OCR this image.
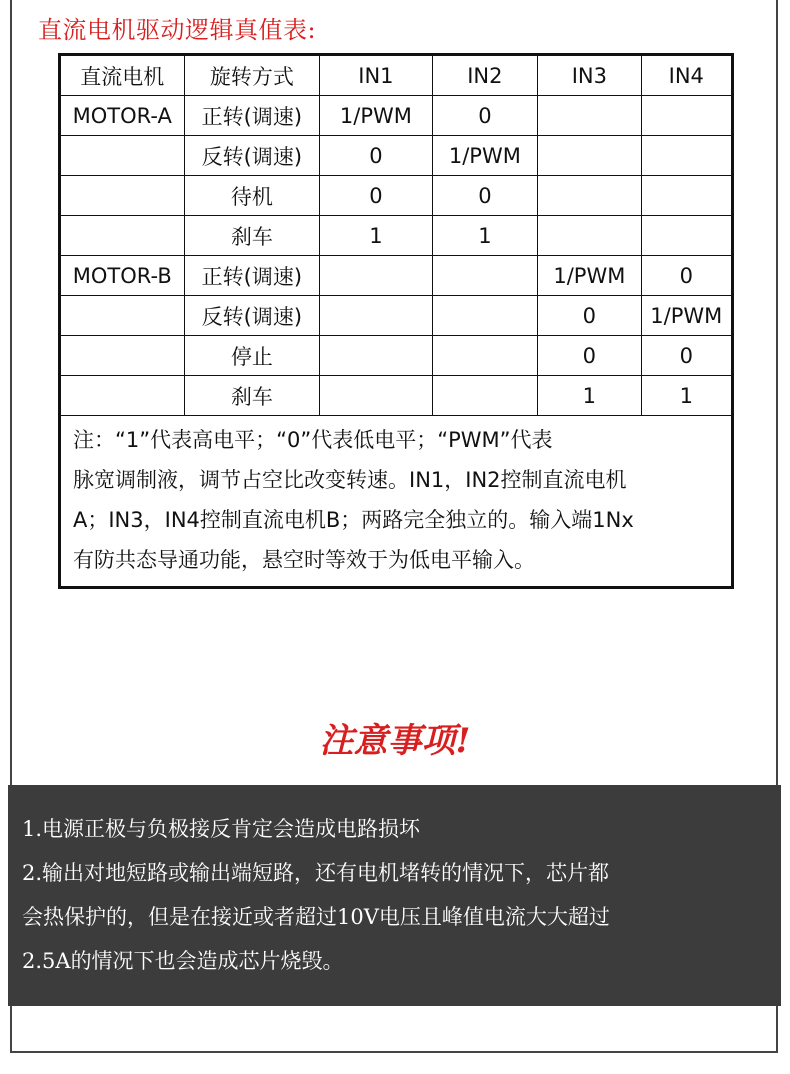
直流电机驱动逻辑真值表:
直流电机	旋转方式	IN1	IN2	IN3	IN4
MOTOR-A	正转(调速)	1/PWM	0		
	反转(调速)	0	1/PWM		
	待机	0	0		
	刹车	1	1		
MOTOR-B	正转(调速)			1/PWM	0
	反转(调速)			0	1/PWM
	停止			0	0
	刹车			1	1

注：“1”代表高电平；“0”代表低电平；“PWM”代表
脉宽调制液，调节占空比改变转速。IN1，IN2控制直流电机
A；IN3，IN4控制直流电机B；两路完全独立的。输入端1Nx
有防共态导通功能，悬空时等效于为低电平输入。					
注意事项!
1.电源正极与负极接反肯定会造成电路损坏
2.输出对地短路或输出端短路，还有电机堵转的情况下，芯片都
会热保护的，但是在接近或者超过10V电压且峰值电流大大超过
2.5A的情况下也会造成芯片烧毁。
